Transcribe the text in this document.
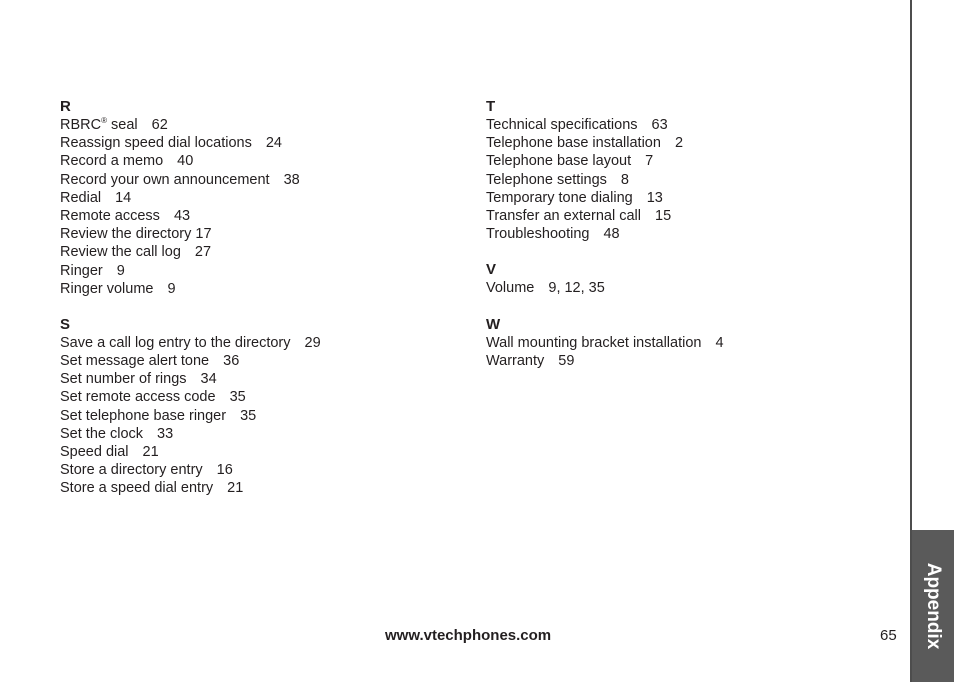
R
RBRC® seal 62
Reassign speed dial locations 24
Record a memo 40
Record your own announcement 38
Redial 14
Remote access 43
Review the directory 17
Review the call log 27
Ringer 9
Ringer volume 9
S
Save a call log entry to the directory 29
Set message alert tone 36
Set number of rings 34
Set remote access code 35
Set telephone base ringer 35
Set the clock 33
Speed dial 21
Store a directory entry 16
Store a speed dial entry 21
T
Technical specifications 63
Telephone base installation 2
Telephone base layout 7
Telephone settings 8
Temporary tone dialing 13
Transfer an external call 15
Troubleshooting 48
V
Volume 9, 12, 35
W
Wall mounting bracket installation 4
Warranty 59
Appendix
www.vtechphones.com	65
